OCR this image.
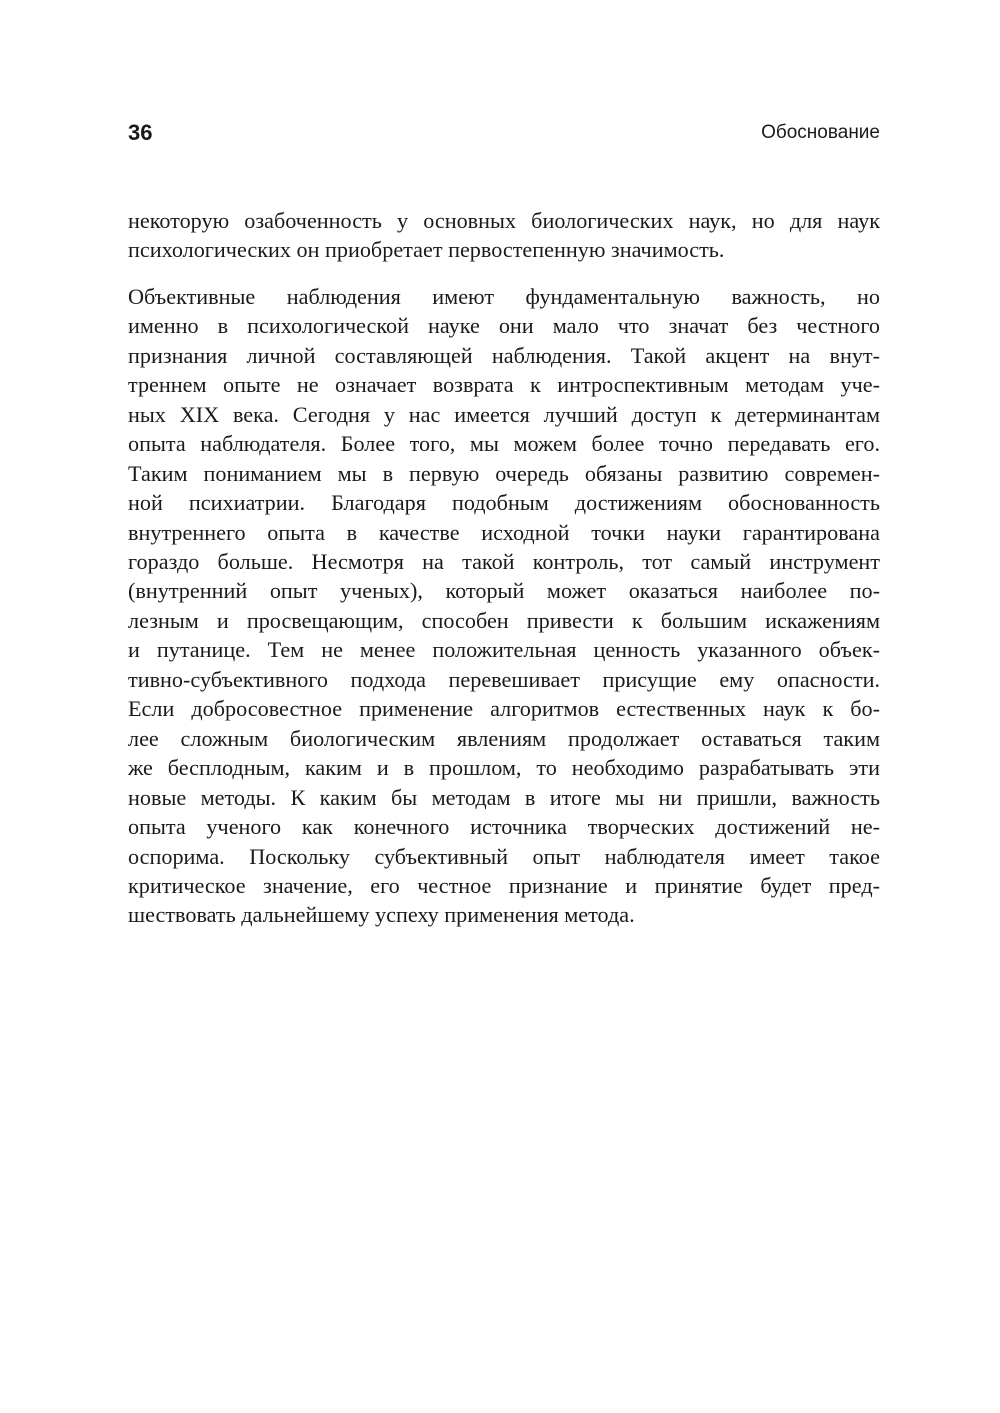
36	Обоснование

некоторую озабоченность у основных биологических наук, но для наук
психологических он приобретает первостепенную значимость.

Объективные наблюдения имеют фундаментальную важность, но
именно в психологической науке они мало что значат без честного
признания личной составляющей наблюдения. Такой акцент на внут-
треннем опыте не означает возврата к интроспективным методам уче-
ных XIX века. Сегодня у нас имеется лучший доступ к детерминантам
опыта наблюдателя. Более того, мы можем более точно передавать его.
Таким пониманием мы в первую очередь обязаны развитию современ-
ной психиатрии. Благодаря подобным достижениям обоснованность
внутреннего опыта в качестве исходной точки науки гарантирована
гораздо больше. Несмотря на такой контроль, тот самый инструмент
(внутренний опыт ученых), который может оказаться наиболее по-
лезным и просвещающим, способен привести к большим искажениям
и путанице. Тем не менее положительная ценность указанного объек-
тивно-субъективного подхода перевешивает присущие ему опасности.
Если добросовестное применение алгоритмов естественных наук к бо-
лее сложным биологическим явлениям продолжает оставаться таким
же бесплодным, каким и в прошлом, то необходимо разрабатывать эти
новые методы. К каким бы методам в итоге мы ни пришли, важность
опыта ученого как конечного источника творческих достижений не-
оспорима. Поскольку субъективный опыт наблюдателя имеет такое
критическое значение, его честное признание и принятие будет пред-
шествовать дальнейшему успеху применения метода.
